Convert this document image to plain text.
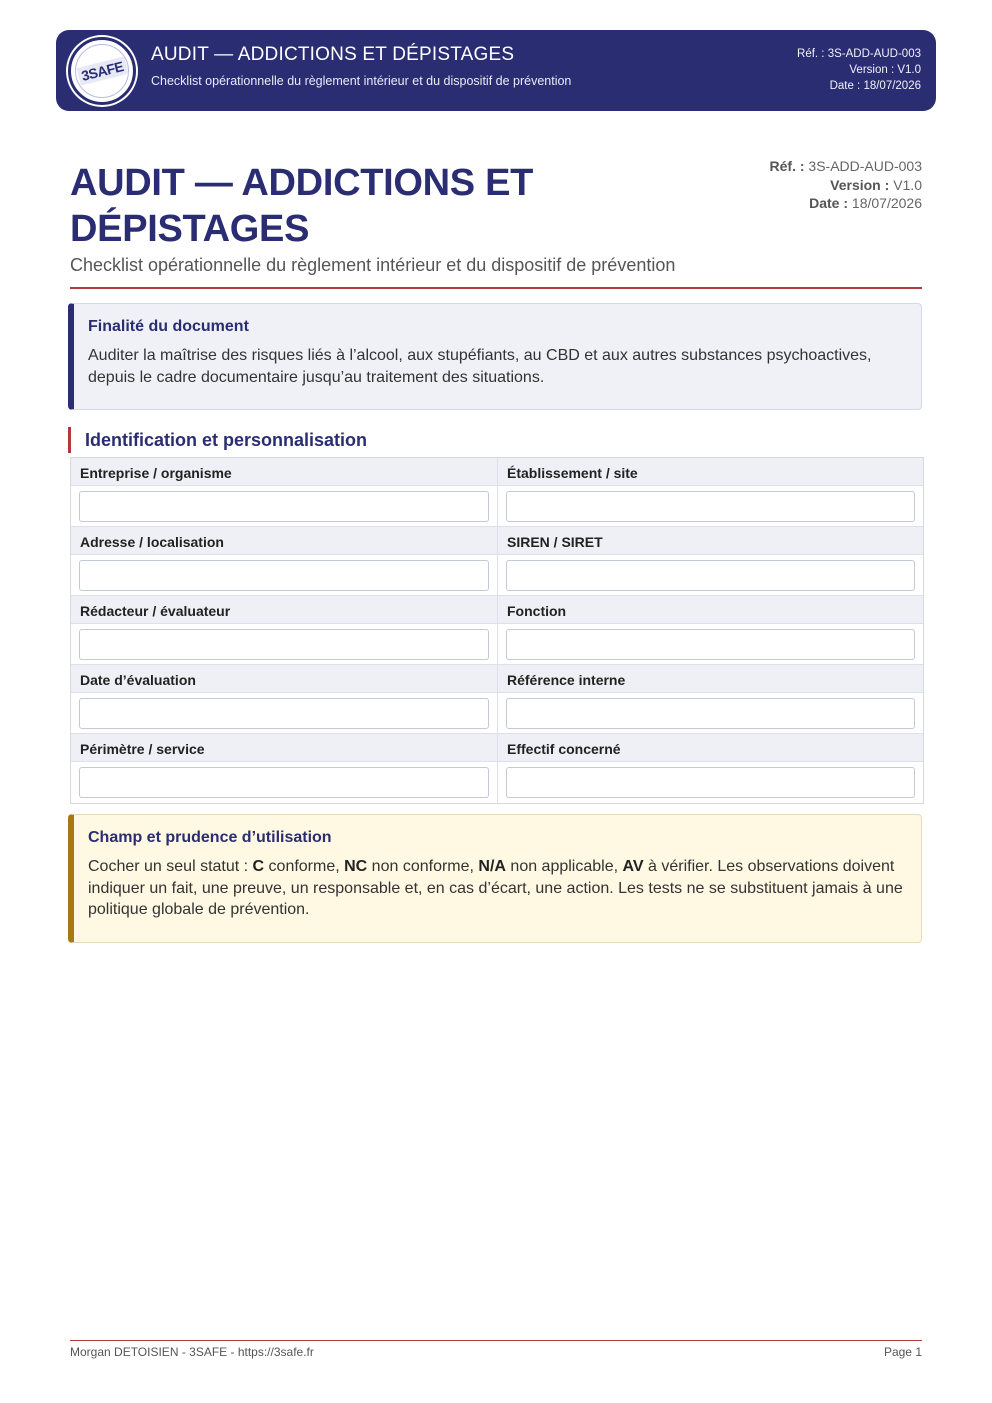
3SAFE
AUDIT — ADDICTIONS ET DÉPISTAGES
Checklist opérationnelle du règlement intérieur et du dispositif de prévention
Réf. : 3S-ADD-AUD-003
Version : V1.0
Date : 18/07/2026
AUDIT — ADDICTIONS ET DÉPISTAGES
Réf. : 3S-ADD-AUD-003
Version : V1.0
Date : 18/07/2026
Checklist opérationnelle du règlement intérieur et du dispositif de prévention
Finalité du document

Auditer la maîtrise des risques liés à l’alcool, aux stupéfiants, au CBD et aux autres substances psychoactives, depuis le cadre documentaire jusqu’au traitement des situations.

Identification et personnalisation
Entreprise / organisme	Établissement / site
Adresse / localisation	SIREN / SIRET
Rédacteur / évaluateur	Fonction
Date d’évaluation	Référence interne
Périmètre / service	Effectif concerné
Champ et prudence d’utilisation

Cocher un seul statut : C conforme, NC non conforme, N/A non applicable, AV à vérifier. Les observations doivent indiquer un fait, une preuve, un responsable et, en cas d’écart, une action. Les tests ne se substituent jamais à une politique globale de prévention.

Morgan DETOISIEN - 3SAFE - https://3safe.fr	Page 1
